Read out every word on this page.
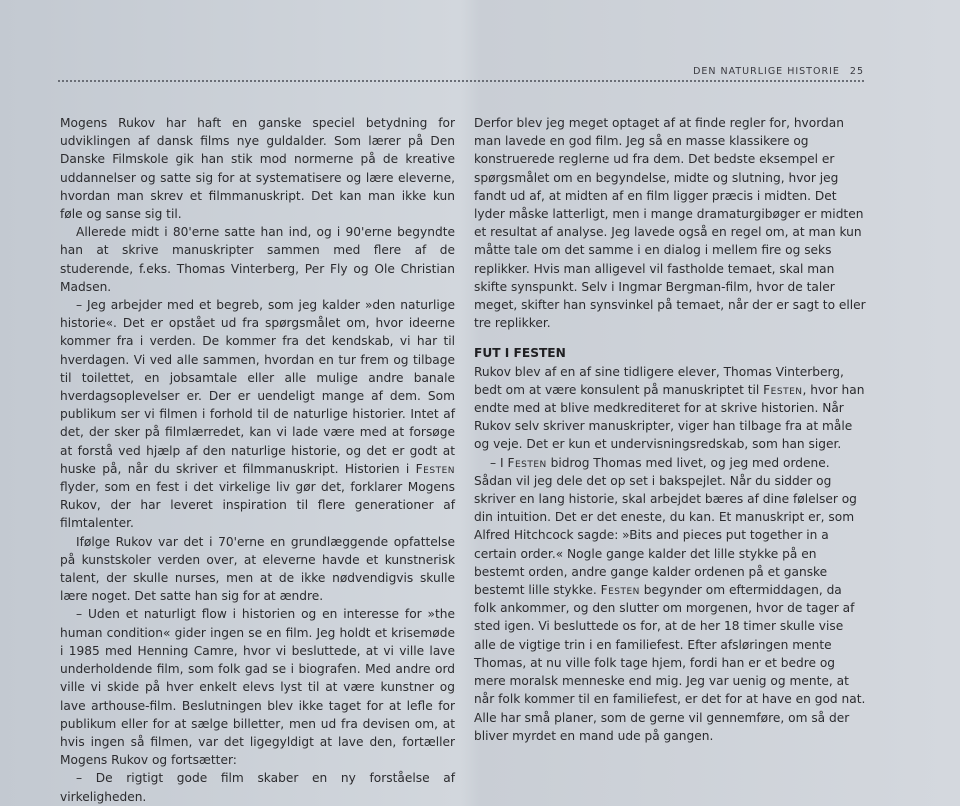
DEN NATURLIGE HISTORIE 25

Mogens Rukov har haft en ganske speciel betydning for udviklingen af dansk films nye guldalder. Som lærer på Den Danske Filmskole gik han stik mod normerne på de kreative uddannelser og satte sig for at systematisere og lære eleverne, hvordan man skrev et filmmanuskript. Det kan man ikke kun føle og sanse sig til.

Allerede midt i 80'erne satte han ind, og i 90'erne begyndte han at skrive manuskripter sammen med flere af de studerende, f.eks. Thomas Vinterberg, Per Fly og Ole Christian Madsen.

– Jeg arbejder med et begreb, som jeg kalder »den naturlige historie«. Det er opstået ud fra spørgsmålet om, hvor ideerne kommer fra i verden. De kommer fra det kendskab, vi har til hverdagen. Vi ved alle sammen, hvordan en tur frem og tilbage til toilettet, en jobsamtale eller alle mulige andre banale hverdagsoplevelser er. Der er uendeligt mange af dem. Som publikum ser vi filmen i forhold til de naturlige historier. Intet af det, der sker på filmlærredet, kan vi lade være med at forsøge at forstå ved hjælp af den naturlige historie, og det er godt at huske på, når du skriver et filmmanuskript. Historien i Festen flyder, som en fest i det virkelige liv gør det, forklarer Mogens Rukov, der har leveret inspiration til flere generationer af filmtalenter.

Ifølge Rukov var det i 70'erne en grundlæggende opfattelse på kunstskoler verden over, at eleverne havde et kunstnerisk talent, der skulle nurses, men at de ikke nødvendigvis skulle lære noget. Det satte han sig for at ændre.

– Uden et naturligt flow i historien og en interesse for »the human condition« gider ingen se en film. Jeg holdt et krisemøde i 1985 med Henning Camre, hvor vi besluttede, at vi ville lave underholdende film, som folk gad se i biografen. Med andre ord ville vi skide på hver enkelt elevs lyst til at være kunstner og lave arthouse-film. Beslutningen blev ikke taget for at lefle for publikum eller for at sælge billetter, men ud fra devisen om, at hvis ingen så filmen, var det ligegyldigt at lave den, fortæller Mogens Rukov og fortsætter:

– De rigtigt gode film skaber en ny forståelse af virkeligheden.

Derfor blev jeg meget optaget af at finde regler for, hvordan man lavede en god film. Jeg så en masse klassikere og konstruerede reglerne ud fra dem. Det bedste eksempel er spørgsmålet om en begyndelse, midte og slutning, hvor jeg fandt ud af, at midten af en film ligger præcis i midten. Det lyder måske latterligt, men i mange dramaturgibøger er midten et resultat af analyse. Jeg lavede også en regel om, at man kun måtte tale om det samme i en dialog i mellem fire og seks replikker. Hvis man alligevel vil fastholde temaet, skal man skifte synspunkt. Selv i Ingmar Bergman-film, hvor de taler meget, skifter han synsvinkel på temaet, når der er sagt to eller tre replikker.

FUT I FESTEN

Rukov blev af en af sine tidligere elever, Thomas Vinterberg, bedt om at være konsulent på manuskriptet til Festen, hvor han endte med at blive medkrediteret for at skrive historien. Når Rukov selv skriver manuskripter, viger han tilbage fra at måle og veje. Det er kun et undervisningsredskab, som han siger.

– I Festen bidrog Thomas med livet, og jeg med ordene. Sådan vil jeg dele det op set i bakspejlet. Når du sidder og skriver en lang historie, skal arbejdet bæres af dine følelser og din intuition. Det er det eneste, du kan. Et manuskript er, som Alfred Hitchcock sagde: »Bits and pieces put together in a certain order.« Nogle gange kalder det lille stykke på en bestemt orden, andre gange kalder ordenen på et ganske bestemt lille stykke. Festen begynder om eftermiddagen, da folk ankommer, og den slutter om morgenen, hvor de tager af sted igen. Vi besluttede os for, at de her 18 timer skulle vise alle de vigtige trin i en familiefest. Efter afsløringen mente Thomas, at nu ville folk tage hjem, fordi han er et bedre og mere moralsk menneske end mig. Jeg var uenig og mente, at når folk kommer til en familiefest, er det for at have en god nat. Alle har små planer, som de gerne vil gennemføre, om så der bliver myrdet en mand ude på gangen.
